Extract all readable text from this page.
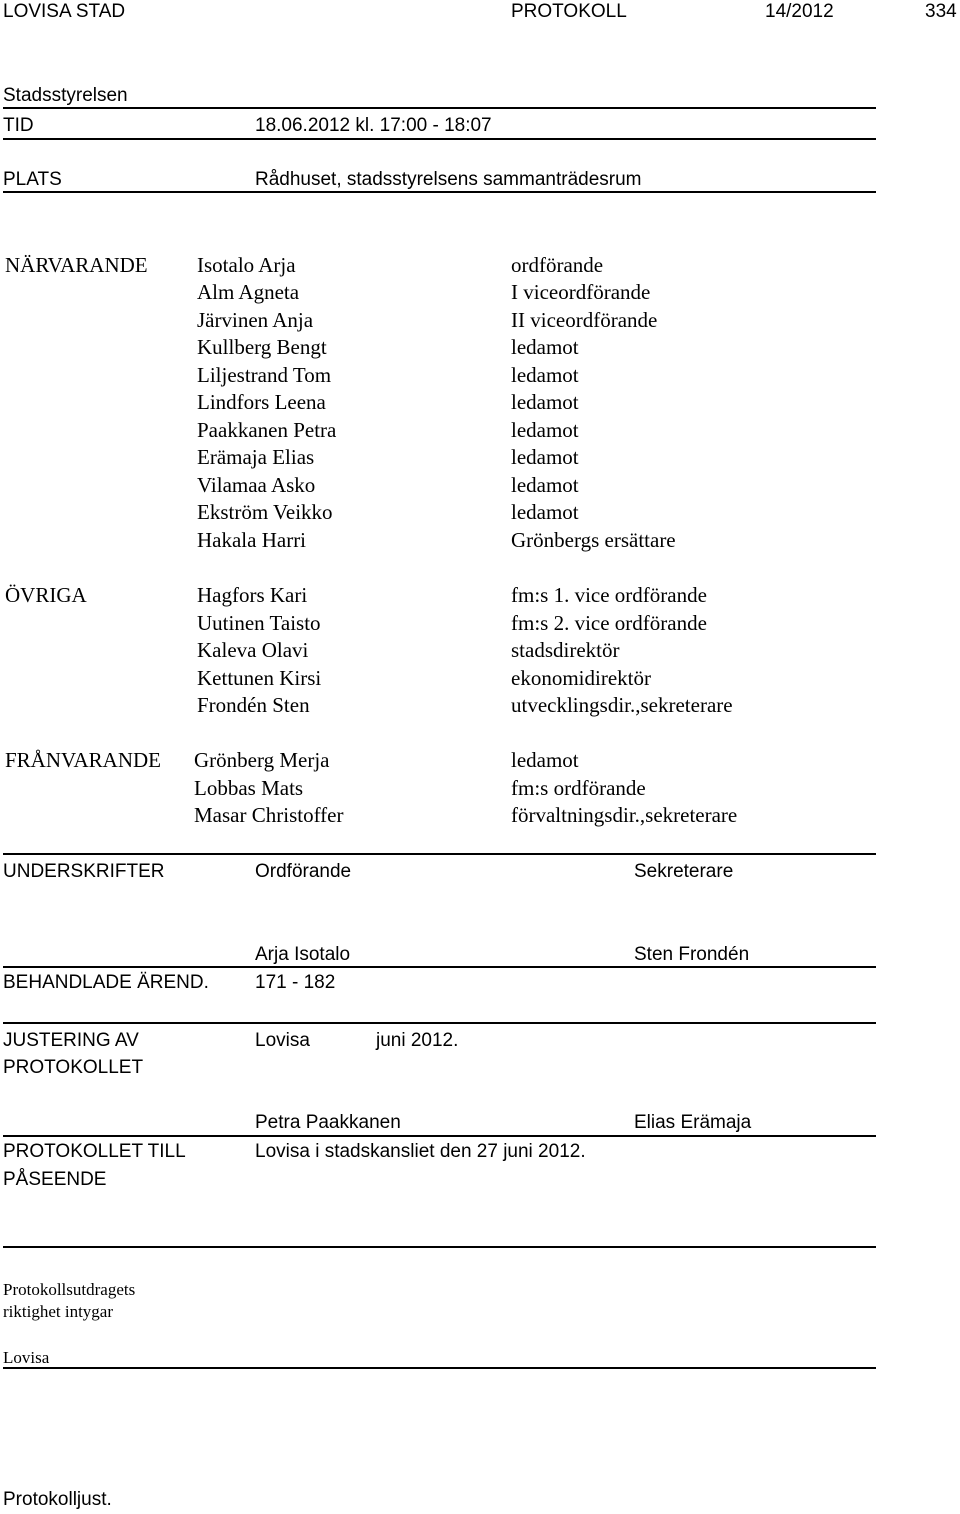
LOVISA STAD	PROTOKOLL	14/2012	334
Stadsstyrelsen
TID	18.06.2012 kl. 17:00 - 18:07
PLATS	Rådhuset, stadsstyrelsens sammanträdesrum
NÄRVARANDE Isotalo Arja	ordförande
Alm Agneta	I viceordförande
Järvinen Anja	II viceordförande
Kullberg Bengt	ledamot
Liljestrand Tom	ledamot
Lindfors Leena	ledamot
Paakkanen Petra	ledamot
Erämaja Elias	ledamot
Vilamaa Asko	ledamot
Ekström Veikko	ledamot
Hakala Harri	Grönbergs ersättare
ÖVRIGA	Hagfors Kari	fm:s 1. vice ordförande
Uutinen Taisto	fm:s 2. vice ordförande
Kaleva Olavi	stadsdirektör
Kettunen Kirsi	ekonomidirektör
Frondén Sten	utvecklingsdir.,sekreterare
FRÅNVARANDE Grönberg Merja	ledamot
Lobbas Mats	fm:s ordförande
Masar Christoffer	förvaltningsdir.,sekreterare
UNDERSKRIFTER	Ordförande	Sekreterare
Arja Isotalo	Sten Frondén
BEHANDLADE ÄREND. 171 - 182
JUSTERING AV
PROTOKOLLET
Lovisa	juni 2012.
Petra Paakkanen	Elias Erämaja
PROTOKOLLET TILL
PÅSEENDE
Lovisa i stadskansliet den 27 juni 2012.
Protokollsutdragets
riktighet intygar
Lovisa
Protokolljust.
